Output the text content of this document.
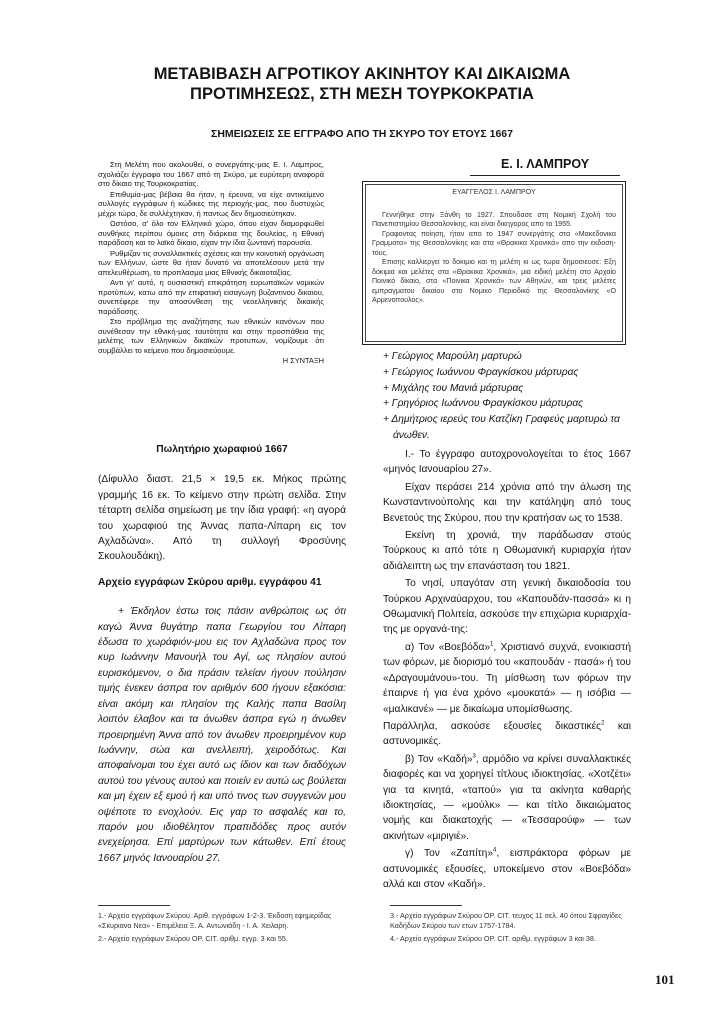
ΜΕΤΑΒΙΒΑΣΗ ΑΓΡΟΤΙΚΟΥ ΑΚΙΝΗΤΟΥ ΚΑΙ ΔΙΚΑΙΩΜΑ
ΠΡΟΤΙΜΗΣΕΩΣ, ΣΤΗ ΜΕΣΗ ΤΟΥΡΚΟΚΡΑΤΙΑ
ΣΗΜΕΙΩΣΕΙΣ ΣΕ ΕΓΓΡΑΦΟ ΑΠΟ ΤΗ ΣΚΥΡΟ ΤΟΥ ΕΤΟΥΣ 1667

Στη Μελέτη που ακολουθεί, ο συνεργάτης-μας Ε. Ι. Λαμπρος, σχολιάζει έγγραφο του 1667 από τη Σκύρο, με ευρύτερη αναφορά στο δίκαιο της Τουρκοκρατίας.

Επιθυμία-μας βέβαια θα ήταν, η έρευνα, να είχε αντικείμενο συλλογές εγγράφων ή κώδικες της περιοχής-μας, που δυστυχώς μέχρι τώρα, δε συλλέχτηκαν, ή παντως δεν δημοσιεύτηκαν.

Ωστόσο, σ' όλο τον Ελληνικό χώρο, όπου είχαν διαμορφωθεί συνθήκες περίπου όμοιες στη διάρκεια της δουλείας, η Εθνική παράδοση και το λαϊκό δίκαιο, είχαν την ίδια ζωντανή παρουσία.

Ρυθμίζαν τις συναλλακτικές σχέσεις και την κοινοτική οργάνωση των Ελλήνων, ώστε θα ήταν δυνατό να αποτελέσουν μετά την απελευθέρωση, το προπλασμα μιας Εθνικής δικαιοταξίας.

Αντι γι' αυτό, η ουσιαστική επικράτηση ευρωπαϊκών νομικών προτύπων, κατω από την επιφατική εισαγωγη βυζαντινου δικαιου, συνεπέφερε την αποσύνθεση της νεοελληνικής δικαικής παράδοσης.

Στο πρόβλημα της αναζήτησης των εθνικών κανόνων που συνέθεσαν την εθνική-μας ταυτότητα και στην προσπάθεια της μελέτης των Ελληνικών δικαϊκών προτυπων, νομίζουμε ότι συμβάλλει το κείμενο που δημοσιεύουμε.

Η ΣΥΝΤΑΞΗ
Ε. Ι. ΛΑΜΠΡΟΥ
ΕΥΑΓΓΕΛΟΣ Ι. ΛΑΜΠΡΟΥ

Γεννήθηκε στην Ξάνθη το 1927. Σπουδασε στη Νομική Σχολή του Πανεπιστημίου Θεσσαλονίκης, και είναι δικηγορος απο το 1955.

Γραφοντας ποίηση, ήταν απο το 1947 συνεργάτης στα «Μακεδονικα Γραμματα» της Θεσσαλονίκης και στα «Θρακικα Χρονικά» απο την εκδοση-τους.

Επισης καλλιεργεί το δοκιμιο και τη μελέτη κι ως τωρα δημοσιευσε: Εξη δοκιμια και μελέτες στα «Θρακικα Χρονικά», μια ειδική μελέτη στο Αρχαίο Ποινικό δίκαιο, στα «Ποινικα Χρονικά» των Αθηνών, και τρεις μελέτες εμπραγματου δικαίου στο Νομικο Περιοδικό της Θεσσαλονίκης «Ο Αρμενοπουλος».

+ Γεώργιος Μαρούλη μαρτυρώ
+ Γεώργιος Ιωάννου Φραγκίσκου μάρτυρας
+ Μιχάλης του Μανιά μάρτυρας
+ Γρηγόριος Ιωάννου Φραγκίσκου μάρτυρας
+ Δημήτριος ιερεύς του Κατζίκη Γραφεύς μαρτυρώ τα άνωθεν.
Πωλητήριο χωραφιού 1667

(Δίφυλλο διαστ. 21,5 × 19,5 εκ. Μήκος πρώτης γραμμής 16 εκ. Το κείμενο στην πρώτη σελίδα. Στην τέταρτη σελίδα σημείωση με την ίδια γραφή: «η αγορά του χωραφιού της Άννας παπα-Λίπαρη εις τον Αχλαδώνα». Από τη συλλογή Φροσύνης Σκουλουδάκη).

Αρχείο εγγράφων Σκύρου αριθμ. εγγράφου 41

+ Έκδηλον έστω τοις πάσιν ανθρώποις ως ότι καγώ Άννα θυγάτηρ παπα Γεωργίου του Λίπαρη έδωσα το χωράφιόν-μου εις τον Αχλαδώνα προς τον κυρ Ιωάννην Μανουήλ του Αγί, ως πλησίον αυτού ευρισκόμενον, ο δια πράσιν τελείαν ήγουν πούλησιν τιμής ένεκεν άσπρα τον αριθμόν 600 ήγουν εξακόσια: είναι ακόμη και πλησίον της Καλής παπα Βασίλη λοιπόν έλαβον και τα άνωθεν άσπρα εγώ η άνωθεν προειρημένη Άννα από τον άνωθεν προειρημένον κυρ Ιωάννην, σώα και ανελλειπή, χειροδότως. Και αποφαίνομαι του έχει αυτό ως ίδιον και των διαδόχων αυτού του γένους αυτού και ποιείν εν αυτώ ως βούλεται και μη έχειν εξ εμού ή και υπό τινος των συγγενών μου οψέποτε το ενοχλούν. Εις γαρ το ασφαλές και το, παρόν μου ιδιοθέλητον πραπιδόδες προς αυτόν ενεχείρησα. Επί μαρτύρων των κάτωθεν. Επί έτους 1667 μηνός Ιανουαρίου 27.

Ι.- Το έγγραφο αυτοχρονολογείται το έτος 1667 «μηνός Ιανουαρίου 27».

Είχαν περάσει 214 χρόνια από την άλωση της Κωνσταντινούπολης και την κατάληψη από τους Βενετούς της Σκύρου, που την κρατήσαν ως το 1538.

Εκείνη τη χρονιά, την παράδωσαν στούς Τούρκους κι από τότε η Οθωμανική κυριαρχία ήταν αδιάλειπτη ως την επανάσταση του 1821.

Το νησί, υπαγόταν στη γενική δικαιοδοσία του Τούρκου Αρχιναύαρχου, του «Καπουδάν-πασσά» κι η Οθωμανική Πολιτεία, ασκούσε την επιχώρια κυριαρχία-της με οργανά-της:

α) Τον «Βοεβόδα»$^1$, Χριστιανό συχνά, ενοικιαστή των φόρων, με διορισμό του «καπουδάν - πασά» ή του «Δραγουμάνου»-του. Τη μίσθωση των φόρων την έπαιρνε ή για ένα χρόνο «μουκατά» — η ισόβια — «μαλικανέ» — με δικαίωμα υπομίσθωσης.

Παράλληλα, ασκούσε εξουσίες δικαστικές$^2$ και αστυνομικές.

β) Τον «Καδή»$^3$, αρμόδιο να κρίνει συναλλακτικές διαφορές και να χορηγεί τίτλους ιδιοκτησίας. «Χοτζέτι» για τα κινητά, «ταπού» για τα ακίνητα καθαρής ιδιοκτησίας, — «μούλκ» — και τίτλο δικαιώματος νομής και διακατοχής — «Τεσσαρούφ» — των ακινήτων «μιριγιέ».

γ) Τον «Ζαπίτη»$^4$, εισπράκτορα φόρων με αστυνομικές εξουσίες, υποκείμενο στον «Βοεβόδα» αλλά και στον «Καδή».

1.- Αρχείο εγγράφων Σκύρου. Αριθ. εγγράφων 1-2-3. Έκδοση εφημερίδας «Σκυριανα Νεα» - Επιμέλεια Ξ. Α. Αντωνιάδη - Ι. Α. Χειλαρη.

2.- Αρχείο εγγράφων Σκύρου OP. CIT. αριθμ. εγγρ. 3 και 55.

3.- Αρχείο εγγράφων Σκύρου OP. CIT. τευχος 11 σελ. 40 όπου Σφραγίδες Καδήδων Σκύρου των ετων 1757-1784.

4.- Αρχείο εγγράφων Σκύρου OP. CIT. αριθμ. εγγράφων 3 και 38.

101
